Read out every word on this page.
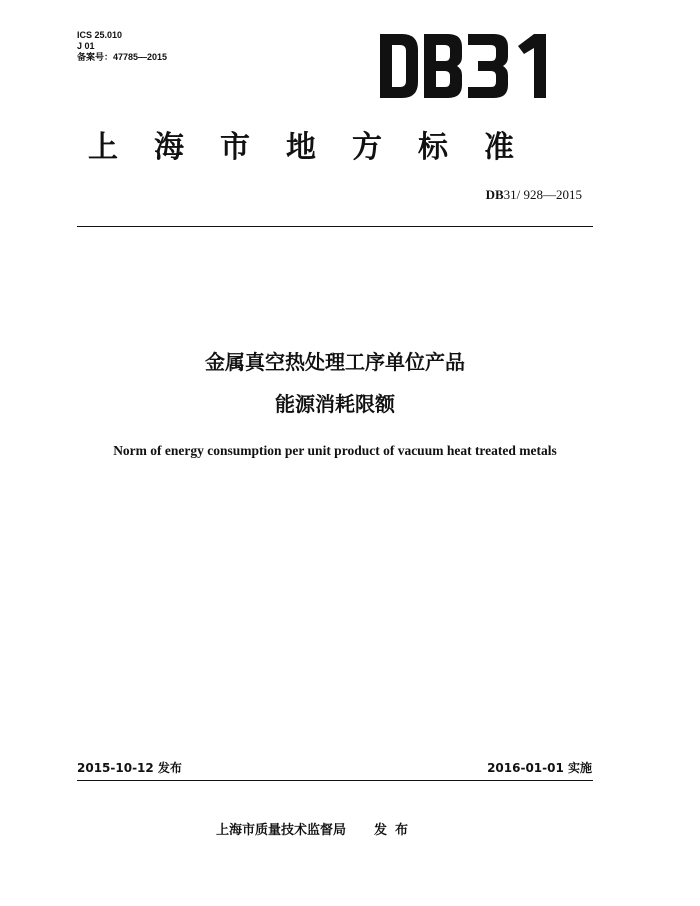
ICS 25.010
J 01
备案号：47785—2015
上海市地方标准
DB31/ 928—2015
金属真空热处理工序单位产品
能源消耗限额
Norm of energy consumption per unit product of vacuum heat treated metals
2015-10-12 发布	2016-01-01 实施
上海市质量技术监督局 发布
